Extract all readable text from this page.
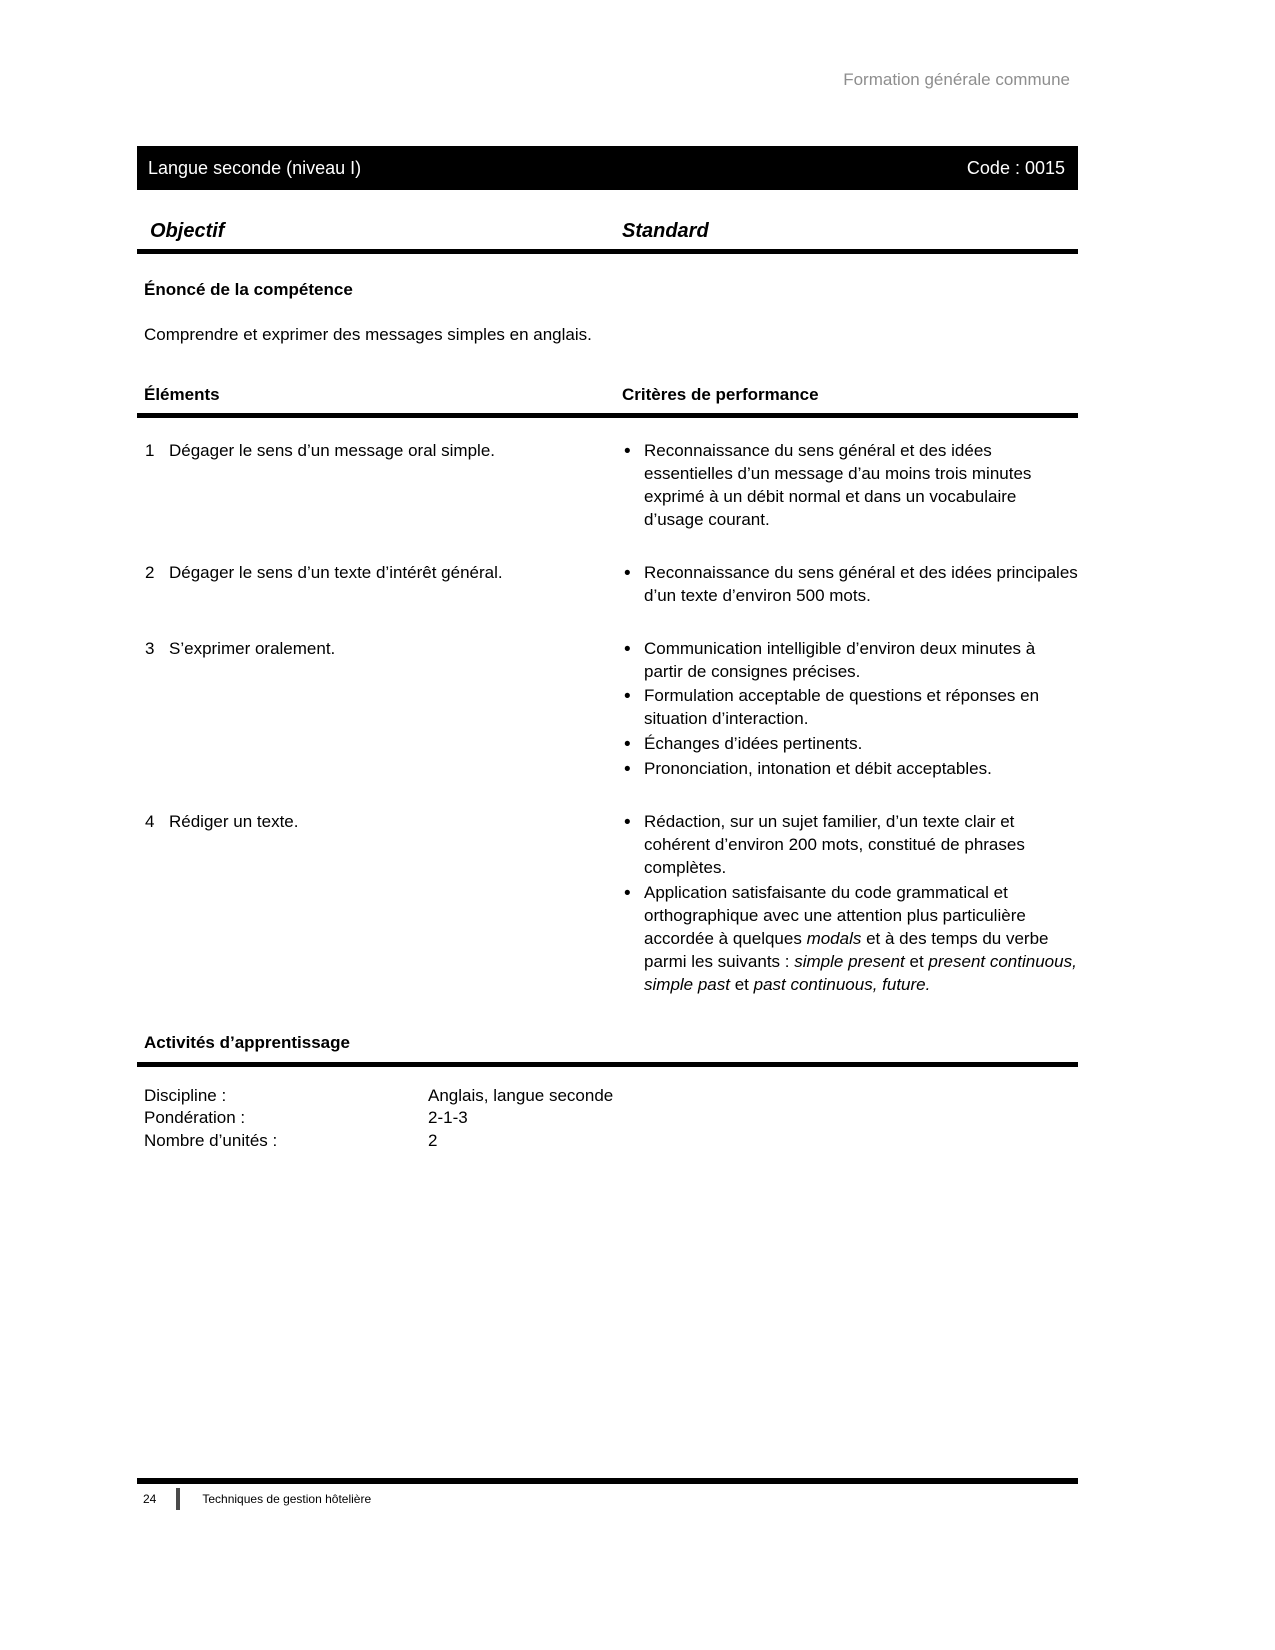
Formation générale commune
Langue seconde (niveau I)	Code : 0015
Objectif	Standard
Énoncé de la compétence
Comprendre et exprimer des messages simples en anglais.
Éléments	Critères de performance
1 Dégager le sens d’un message oral simple.	• Reconnaissance du sens général et des idées essentielles d’un message d’au moins trois minutes exprimé à un débit normal et dans un vocabulaire d’usage courant.
2 Dégager le sens d’un texte d’intérêt général.	• Reconnaissance du sens général et des idées principales d’un texte d’environ 500 mots.
3 S’exprimer oralement.	• Communication intelligible d’environ deux minutes à partir de consignes précises.
• Formulation acceptable de questions et réponses en situation d’interaction.
• Échanges d’idées pertinents.
• Prononciation, intonation et débit acceptables.
4 Rédiger un texte.	• Rédaction, sur un sujet familier, d’un texte clair et cohérent d’environ 200 mots, constitué de phrases complètes.
• Application satisfaisante du code grammatical et orthographique avec une attention plus particulière accordée à quelques modals et à des temps du verbe parmi les suivants : simple present et present continuous, simple past et past continuous, future.
Activités d’apprentissage
Discipline :	Anglais, langue seconde
Pondération :	2-1-3
Nombre d’unités :	2
24	Techniques de gestion hôtelière
